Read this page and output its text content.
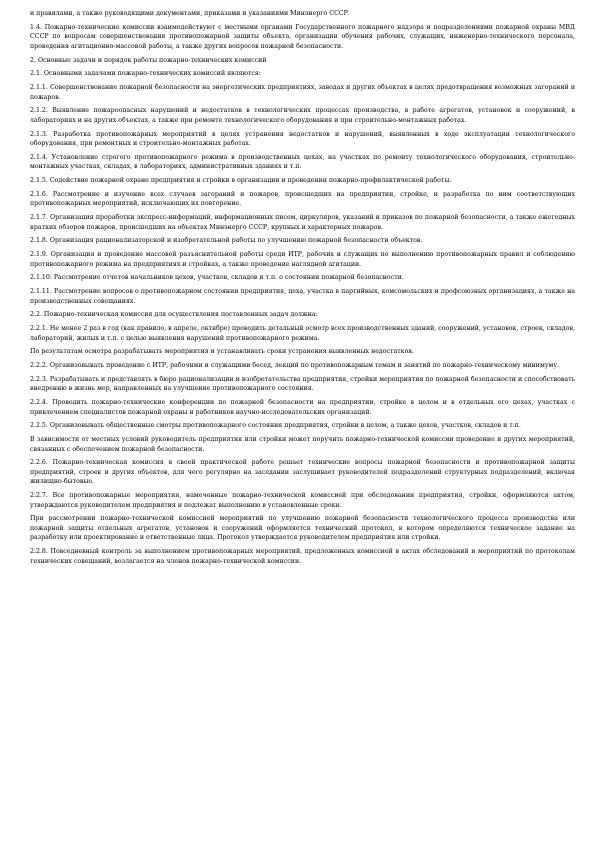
и правилами, а также руководящими документами, приказами и указаниями Минэнерго СССР.

1.4. Пожарно-технические комиссии взаимодействуют с местными органами Государственного пожарного надзора и подразделениями пожарной охраны МВД СССР по вопросам совершенствования противопожарной защиты объекта, организации обучения рабочих, служащих, инженерно-технического персонала, проведения агитационно-массовой работы, а также других вопросов пожарной безопасности.

2. Основные задачи и порядок работы пожарно-технических комиссий

2.1. Основными задачами пожарно-технических комиссий являются:

2.1.1. Совершенствование пожарной безопасности на энергетических предприятиях, заводах и других объектах в целях предотвращения возможных загораний и пожаров.

2.1.2. Выявление пожароопасных нарушений и недостатков в технологических процессах производства, в работе агрегатов, установок и сооружений, в лабораториях и на других объектах, а также при ремонте технологического оборудования и при строительно-монтажных работах.

2.1.3. Разработка противопожарных мероприятий в целях устранения недостатков и нарушений, выявленных в ходе эксплуатации технологического оборудования, при ремонтных и строительно-монтажных работах.

2.1.4. Установление строгого противопожарного режима в производственных цехах, на участках по ремонту технологического оборудования, строительно-монтажных участках, складах, в лабораториях, административных зданиях и т.п.

2.1.5. Содействие пожарной охране предприятия и стройки в организации и проведении пожарно-профилактической работы.

2.1.6. Рассмотрение и изучение всех случаев загораний и пожаров, происшедших на предприятии, стройке, и разработка по ним соответствующих противопожарных мероприятий, исключающих их повторение.

2.1.7. Организация проработки экспресс-информаций, информационных писем, циркуляров, указаний и приказов по пожарной безопасности, а также ежегодных кратких обзоров пожаров, происшедших на объектах Минэнерго СССР, крупных и характерных пожаров.

2.1.8. Организация рационализаторской и изобретательной работы по улучшению пожарной безопасности объектов.

2.1.9. Организация и проведение массовой разъяснительной работы среди ИТР, рабочих и служащих по выполнению противопожарных правил и соблюдению противопожарного режима на предприятиях и стройках, а также проведение наглядной агитации.

2.1.10. Рассмотрение отчетов начальников цехов, участков, складов и т.п. о состоянии пожарной безопасности.

2.1.11. Рассмотрение вопросов о противопожарном состоянии предприятия, цеха, участка в партийных, комсомольских и профсоюзных организациях, а также на производственных совещаниях.

2.2. Пожарно-техническая комиссия для осуществления поставленных задач должна:

2.2.1. Не менее 2 раз в год (как правило, в апреле, октябре) проводить детальный осмотр всех производственных зданий, сооружений, установок, строек, складов, лабораторий, жилых и т.п. с целью выявления нарушений противопожарного режима.

По результатам осмотра разрабатывать мероприятия и устанавливать сроки устранения выявленных недостатков.

2.2.2. Организовывать проведение с ИТР, рабочими и служащими бесед, лекций по противопожарным темам и занятий по пожарно-техническому минимуму.

2.2.3. Разрабатывать и представлять в бюро рационализации и изобретательства предприятия, стройки мероприятия по пожарной безопасности и способствовать внедрению в жизнь мер, направленных на улучшение противопожарного состояния.

2.2.4. Проводить пожарно-технические конференции по пожарной безопасности на предприятии, стройке в целом и в отдельных его цехах, участках с привлечением специалистов пожарной охраны и работников научно-исследовательских организаций.

2.2.5. Организовывать общественные смотры противопожарного состояния предприятия, стройки в целом, а также цехов, участков, складов и т.п.

В зависимости от местных условий руководитель предприятия или стройки может поручить пожарно-технической комиссии проведение и других мероприятий, связанных с обеспечением пожарной безопасности.

2.2.6. Пожарно-техническая комиссия в своей практической работе решает технические вопросы пожарной безопасности и противопожарной защиты предприятий, строек и других объектов, для чего регулярно на заседании заслушивает руководителей подразделений структурных подразделений, включая жилищно-бытовые.

2.2.7. Все противопожарные мероприятия, намеченные пожарно-технической комиссией при обследовании предприятия, стройки, оформляются актом, утверждаются руководителем предприятия и подлежат выполнению в установленные сроки.

При рассмотрении пожарно-технической комиссией мероприятий по улучшению пожарной безопасности технологического процесса производства или пожарной защиты отдельных агрегатов, установок и сооружений оформляется технический протокол, в котором определяются техническое задание на разработку или проектирование и ответственные лица. Протокол утверждается руководителем предприятия или стройки.

2.2.8. Повседневный контроль за выполнением противопожарных мероприятий, предложенных комиссией в актах обследований и мероприятий по протоколам технических совещаний, возлагается на членов пожарно-технической комиссии.
